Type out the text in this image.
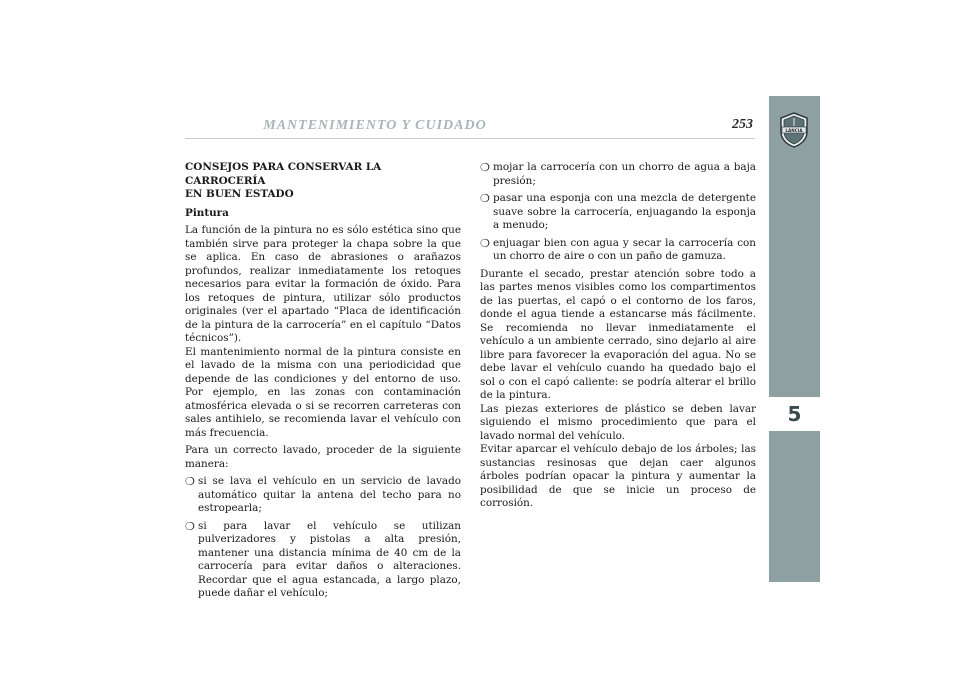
MANTENIMIENTO Y CUIDADO	253	LANCIA
5
CONSEJOS PARA CONSERVAR LA CARROCERÍA
EN BUEN ESTADO
Pintura

La función de la pintura no es sólo estética sino que también sirve para proteger la chapa sobre la que se aplica. En caso de abrasiones o arañazos profundos, realizar inmediatamente los retoques necesarios para evitar la formación de óxido. Para los retoques de pintura, utilizar sólo productos originales (ver el apartado “Placa de identificación de la pintura de la carrocería” en el capítulo “Datos técnicos”).

El mantenimiento normal de la pintura consiste en el lavado de la misma con una periodicidad que depende de las condiciones y del entorno de uso. Por ejemplo, en las zonas con contaminación atmosférica elevada o si se recorren carreteras con sales antihielo, se recomienda lavar el vehículo con más frecuencia.

Para un correcto lavado, proceder de la siguiente manera:

❍ si se lava el vehículo en un servicio de lavado automático quitar la antena del techo para no estropearla;
❍ si para lavar el vehículo se utilizan pulverizadores y pistolas a alta presión, mantener una distancia mínima de 40 cm de la carrocería para evitar daños o alteraciones. Recordar que el agua estancada, a largo plazo, puede dañar el vehículo;
❍ mojar la carrocería con un chorro de agua a baja presión;
❍ pasar una esponja con una mezcla de detergente suave sobre la carrocería, enjuagando la esponja a menudo;
❍ enjuagar bien con agua y secar la carrocería con un chorro de aire o con un paño de gamuza.

Durante el secado, prestar atención sobre todo a las partes menos visibles como los compartimentos de las puertas, el capó o el contorno de los faros, donde el agua tiende a estancarse más fácilmente. Se recomienda no llevar inmediatamente el vehículo a un ambiente cerrado, sino dejarlo al aire libre para favorecer la evaporación del agua. No se debe lavar el vehículo cuando ha quedado bajo el sol o con el capó caliente: se podría alterar el brillo de la pintura.

Las piezas exteriores de plástico se deben lavar siguiendo el mismo procedimiento que para el lavado normal del vehículo.

Evitar aparcar el vehículo debajo de los árboles; las sustancias resinosas que dejan caer algunos árboles podrían opacar la pintura y aumentar la posibilidad de que se inicie un proceso de corrosión.
